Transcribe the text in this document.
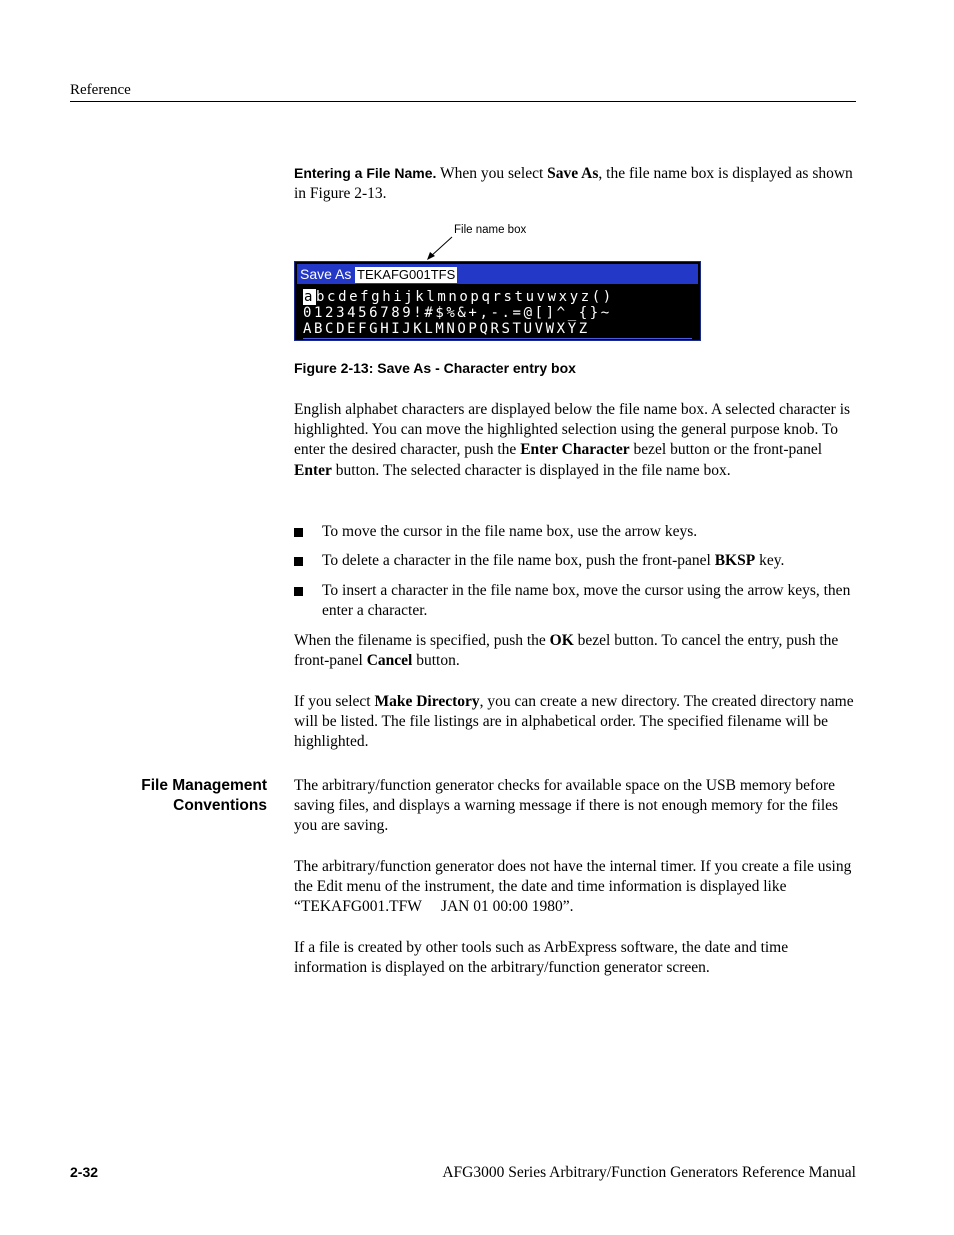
Reference
Entering a File Name. When you select Save As, the file name box is displayed as shown in Figure 2-13.
File name box
Save As TEKAFG001TFS
abcdefghijklmnopqrstuvwxyz()
0123456789!#$%&+,-.=@[]^_{}~
ABCDEFGHIJKLMNOPQRSTUVWXYZ
Figure 2-13: Save As - Character entry box
English alphabet characters are displayed below the file name box. A selected character is highlighted. You can move the highlighted selection using the general purpose knob. To enter the desired character, push the Enter Character bezel button or the front-panel Enter button. The selected character is displayed in the file name box.
To move the cursor in the file name box, use the arrow keys.
To delete a character in the file name box, push the front-panel BKSP key.
To insert a character in the file name box, move the cursor using the arrow keys, then enter a character.
When the filename is specified, push the OK bezel button. To cancel the entry, push the front-panel Cancel button.
If you select Make Directory, you can create a new directory. The created directory name will be listed. The file listings are in alphabetical order. The specified filename will be highlighted.
File Management
Conventions
The arbitrary/function generator checks for available space on the USB memory before saving files, and displays a warning message if there is not enough memory for the files you are saving.
The arbitrary/function generator does not have the internal timer. If you create a file using the Edit menu of the instrument, the date and time information is displayed like “TEKAFG001.TFW     JAN 01 00:00 1980”.
If a file is created by other tools such as ArbExpress software, the date and time information is displayed on the arbitrary/function generator screen.
2-32	AFG3000 Series Arbitrary/Function Generators Reference Manual
